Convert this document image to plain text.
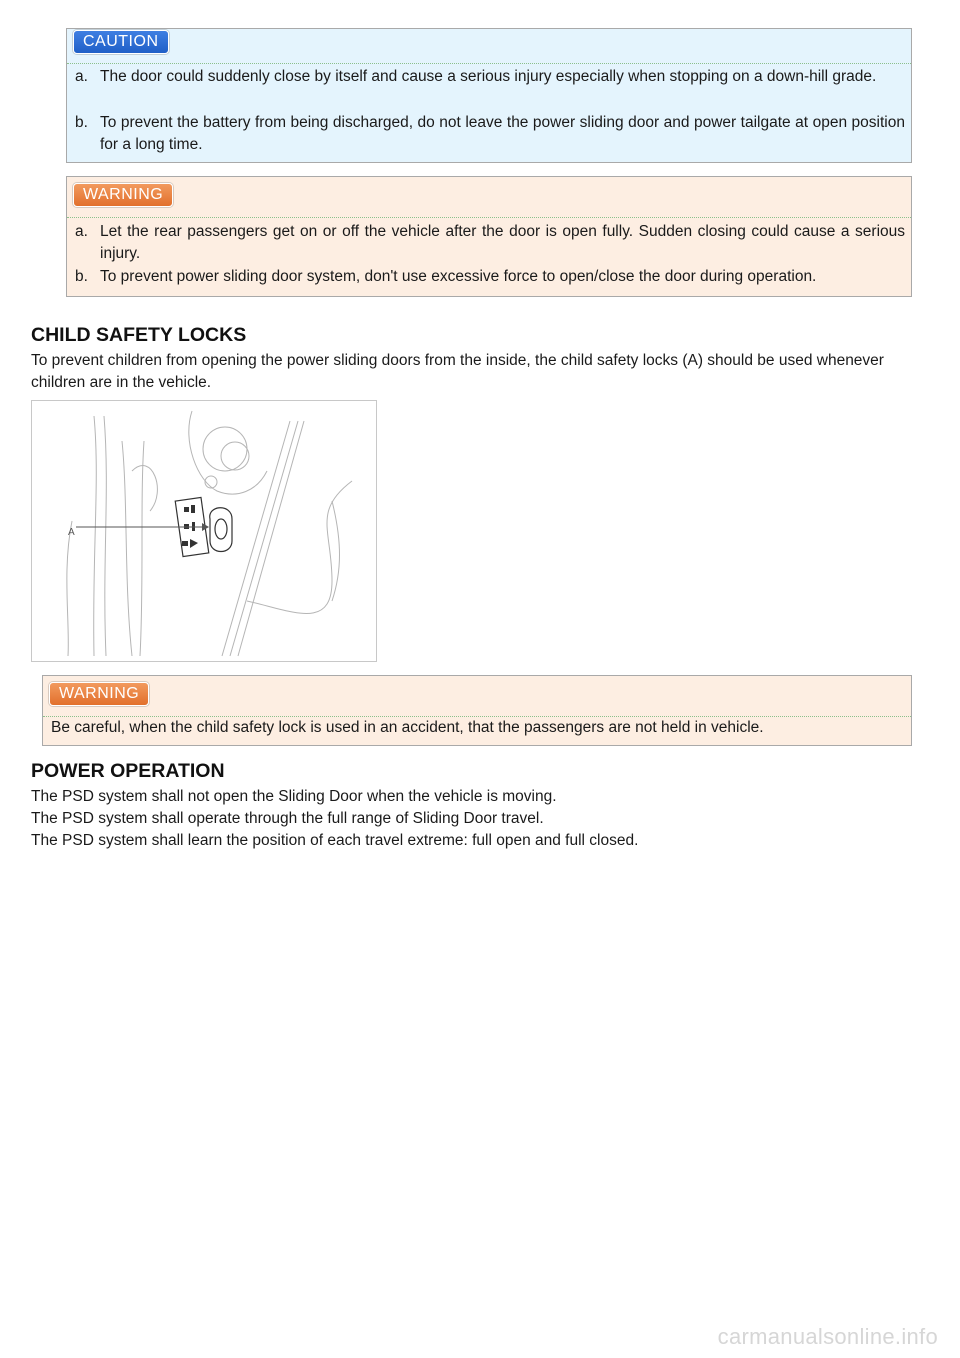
CAUTION
a. The door could suddenly close by itself and cause a serious injury especially when stopping on a down-hill grade.
b. To prevent the battery from being discharged, do not leave the power sliding door and power tailgate at open position for a long time.
WARNING
a. Let the rear passengers get on or off the vehicle after the door is open fully. Sudden closing could cause a serious injury.
b. To prevent power sliding door system, don't use excessive force to open/close the door during operation.
CHILD SAFETY LOCKS

To prevent children from opening the power sliding doors from the inside, the child safety locks (A) should be used whenever children are in the vehicle.

A
WARNING
Be careful, when the child safety lock is used in an accident, that the passengers are not held in vehicle.
POWER OPERATION

The PSD system shall not open the Sliding Door when the vehicle is moving.

The PSD system shall operate through the full range of Sliding Door travel.

The PSD system shall learn the position of each travel extreme: full open and full closed.

carmanualsonline.info
